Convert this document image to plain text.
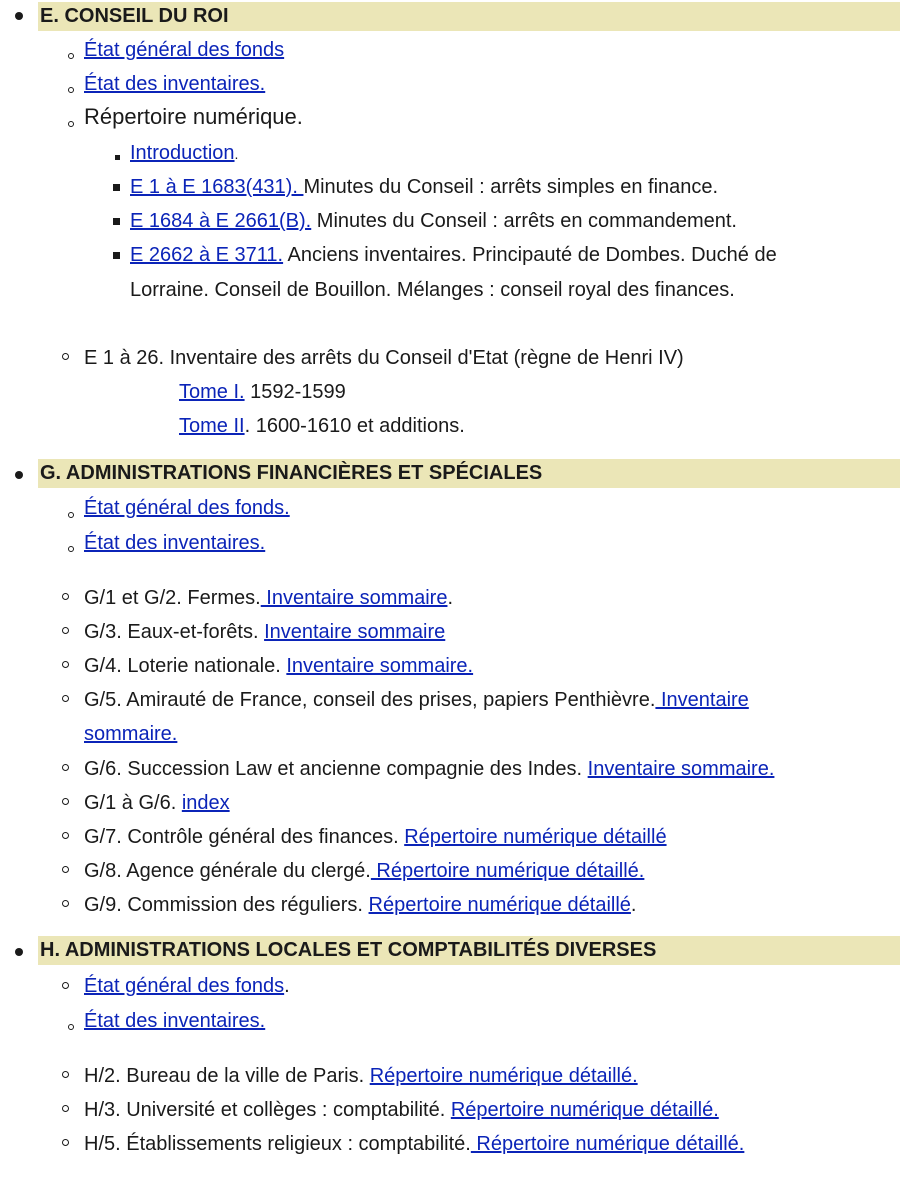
E. CONSEIL DU ROI
État général des fonds
État des inventaires.
Répertoire numérique.
Introduction.
E 1 à E 1683(431). Minutes du Conseil : arrêts simples en finance.
E 1684 à E 2661(B). Minutes du Conseil : arrêts en commandement.
E 2662 à E 3711. Anciens inventaires. Principauté de Dombes. Duché de
Lorraine. Conseil de Bouillon. Mélanges : conseil royal des finances.
E 1 à 26. Inventaire des arrêts du Conseil d'Etat (règne de Henri IV)
Tome I. 1592-1599
Tome II. 1600-1610 et additions.
G. ADMINISTRATIONS FINANCIÈRES ET SPÉCIALES
État général des fonds.
État des inventaires.
G/1 et G/2. Fermes. Inventaire sommaire.
G/3. Eaux-et-forêts. Inventaire sommaire
G/4. Loterie nationale. Inventaire sommaire.
G/5. Amirauté de France, conseil des prises, papiers Penthièvre. Inventaire
sommaire.
G/6. Succession Law et ancienne compagnie des Indes. Inventaire sommaire.
G/1 à G/6. index
G/7. Contrôle général des finances. Répertoire numérique détaillé
G/8. Agence générale du clergé. Répertoire numérique détaillé.
G/9. Commission des réguliers. Répertoire numérique détaillé.
H. ADMINISTRATIONS LOCALES ET COMPTABILITÉS DIVERSES
État général des fonds.
État des inventaires.
H/2. Bureau de la ville de Paris. Répertoire numérique détaillé.
H/3. Université et collèges : comptabilité. Répertoire numérique détaillé.
H/5. Établissements religieux : comptabilité. Répertoire numérique détaillé.
